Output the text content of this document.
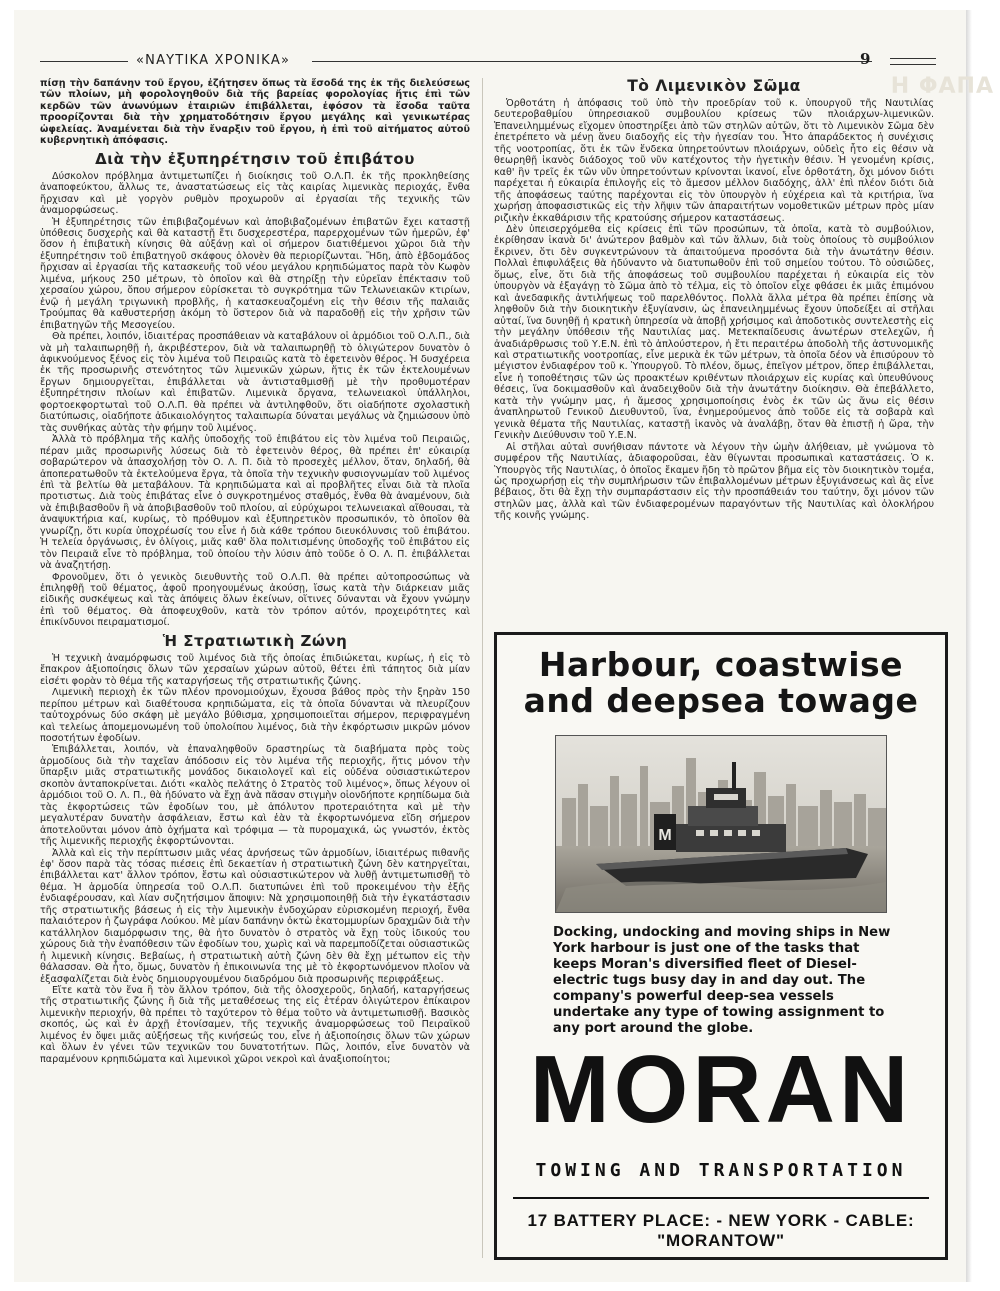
«ΝΑΥΤΙΚΑ ΧΡΟΝΙΚΑ»	9
Η ΦΑΠΑ

πίσῃ τὴν δαπάνην τοῦ ἔργου, ἐζήτησεν ὅπως τὰ ἔσοδά της ἐκ τῆς διελεύσεως τῶν πλοίων, μὴ φορολογηθοῦν διὰ τῆς βαρείας φορολογίας ἥτις ἐπὶ τῶν κερδῶν τῶν ἀνωνύμων ἑταιριῶν ἐπιβάλλεται, ἐφόσον τὰ ἔσοδα ταῦτα προορίζονται διὰ τὴν χρηματοδότησιν ἔργου μεγάλης καὶ γενικωτέρας ὠφελείας. Ἀναμένεται διὰ τὴν ἔναρξιν τοῦ ἔργου, ἡ ἐπὶ τοῦ αἰτήματος αὐτοῦ κυβερνητικὴ ἀπόφασις.

Διὰ τὴν ἐξυπηρέτησιν τοῦ ἐπιβάτου

Δύσκολον πρόβλημα ἀντιμετωπίζει ἡ διοίκησις τοῦ Ο.Λ.Π. ἐκ τῆς προκληθείσης ἀναποφεύκτου, ἄλλως τε, ἀναστατώσεως εἰς τὰς καιρίας λιμενικὰς περιοχάς, ἔνθα ἤρχισαν καὶ μὲ γοργὸν ρυθμὸν προχωροῦν αἱ ἐργασίαι τῆς τεχνικῆς τῶν ἀναμορφώσεως.

Ἡ ἐξυπηρέτησις τῶν ἐπιβιβαζομένων καὶ ἀποβιβαζομένων ἐπιβατῶν ἔχει καταστῇ ὑπόθεσις δυσχερὴς καὶ θὰ καταστῇ ἔτι δυσχερεστέρα, παρερχομένων τῶν ἡμερῶν, ἐφ' ὅσον ἡ ἐπιβατικὴ κίνησις θὰ αὐξάνῃ καὶ οἱ σήμερον διατιθέμενοι χῶροι διὰ τὴν ἐξυπηρέτησιν τοῦ ἐπιβατηγοῦ σκάφους ὁλονὲν θὰ περιορίζωνται. Ἤδη, ἀπὸ ἑβδομάδος ἤρχισαν αἱ ἐργασίαι τῆς κατασκευῆς τοῦ νέου μεγάλου κρηπιδώματος παρὰ τὸν Κωφὸν λιμένα, μήκους 250 μέτρων, τὸ ὁποῖον καὶ θὰ στηρίξῃ τὴν εὐρεῖαν ἐπέκτασιν τοῦ χερσαίου χώρου, ὅπου σήμερον εὑρίσκεται τὸ συγκρότημα τῶν Τελωνειακῶν κτιρίων, ἐνῷ ἡ μεγάλη τριγωνικὴ προβλῆς, ἡ κατασκευαζομένη εἰς τὴν θέσιν τῆς παλαιᾶς Τρούμπας θὰ καθυστερήσῃ ἀκόμη τὸ ὕστερον διὰ νὰ παραδοθῇ εἰς τὴν χρῆσιν τῶν ἐπιβατηγῶν τῆς Μεσογείου.

Θὰ πρέπει, λοιπόν, ἰδιαιτέρας προσπάθειαν νὰ καταβάλουν οἱ ἁρμόδιοι τοῦ Ο.Λ.Π., διὰ νὰ μὴ ταλαιπωρηθῇ ἡ, ἀκριβέστερον, διὰ νὰ ταλαιπωρηθῇ τὸ ὀλιγώτερον δυνατὸν ὁ ἀφικνούμενος ξένος εἰς τὸν λιμένα τοῦ Πειραιῶς κατὰ τὸ ἐφετεινὸν θέρος. Ἡ δυσχέρεια ἐκ τῆς προσωρινῆς στενότητος τῶν λιμενικῶν χώρων, ἥτις ἐκ τῶν ἐκτελουμένων ἔργων δημιουργεῖται, ἐπιβάλλεται νὰ ἀντισταθμισθῇ μὲ τὴν προθυμοτέραν ἐξυπηρέτησιν πλοίων καὶ ἐπιβατῶν. Λιμενικὰ ὄργανα, τελωνειακοὶ ὑπάλληλοι, φορτοεκφορτωταὶ τοῦ Ο.Λ.Π. θὰ πρέπει νὰ ἀντιληφθοῦν, ὅτι οἱαδήποτε σχολαστικὴ διατύπωσις, οἱαδήποτε ἀδικαιολόγητος ταλαιπωρία δύναται μεγάλως νὰ ζημιώσουν ὑπὸ τὰς συνθήκας αὐτὰς τὴν φήμην τοῦ λιμένος.

Ἀλλὰ τὸ πρόβλημα τῆς καλῆς ὑποδοχῆς τοῦ ἐπιβάτου εἰς τὸν λιμένα τοῦ Πειραιῶς, πέραν μιᾶς προσωρινῆς λύσεως διὰ τὸ ἐφετεινὸν θέρος, θὰ πρέπει ἐπ' εὐκαιρίᾳ σοβαρώτερον νὰ ἀπασχολήσῃ τὸν Ο. Λ. Π. διὰ τὸ προσεχὲς μέλλον, ὅταν, δηλαδή, θὰ ἀποπερατωθοῦν τὰ ἐκτελούμενα ἔργα, τὰ ὁποῖα τὴν τεχνικὴν φυσιογνωμίαν τοῦ λιμένος ἐπὶ τὰ βελτίω θὰ μεταβάλουν. Τὰ κρηπιδώματα καὶ αἱ προβλῆτες εἶναι διὰ τὰ πλοῖα προτιστως. Διὰ τοὺς ἐπιβάτας εἶνε ὁ συγκροτημένος σταθμός, ἔνθα θὰ ἀναμένουν, διὰ νὰ ἐπιβιβασθοῦν ἢ νὰ ἀποβιβασθοῦν τοῦ πλοίου, αἱ εὐρύχωροι τελωνειακαὶ αἴθουσαι, τὰ ἀναψυκτήρια καί, κυρίως, τὸ πρόθυμον καὶ ἐξυπηρετικὸν προσωπικόν, τὸ ὁποῖον θὰ γνωρίζῃ, ὅτι κυρία ὑποχρέωσίς του εἶνε ἡ διὰ κάθε τρόπου διευκόλυνσις τοῦ ἐπιβάτου. Ἡ τελεία ὀργάνωσις, ἐν ὀλίγοις, μιᾶς καθ' ὅλα πολιτισμένης ὑποδοχῆς τοῦ ἐπιβάτου εἰς τὸν Πειραιᾶ εἶνε τὸ πρόβλημα, τοῦ ὁποίου τὴν λύσιν ἀπὸ τοῦδε ὁ Ο. Λ. Π. ἐπιβάλλεται νὰ ἀναζητήσῃ.

Φρονοῦμεν, ὅτι ὁ γενικὸς διευθυντὴς τοῦ Ο.Λ.Π. θὰ πρέπει αὐτοπροσώπως νὰ ἐπιληφθῇ τοῦ θέματος, ἀφοῦ προηγουμένως ἀκούσῃ, ἴσως κατὰ τὴν διάρκειαν μιᾶς εἰδικῆς συσκέψεως καὶ τὰς ἀπόψεις ὅλων ἐκείνων, οἵτινες δύνανται νὰ ἔχουν γνώμην ἐπὶ τοῦ θέματος. Θὰ ἀποφευχθοῦν, κατὰ τὸν τρόπον αὐτόν, προχειρότητες καὶ ἐπικίνδυνοι πειραματισμοί.

Ἡ Στρατιωτικὴ Ζώνη

Ἡ τεχνικὴ ἀναμόρφωσις τοῦ λιμένος διὰ τῆς ὁποίας ἐπιδιώκεται, κυρίως, ἡ εἰς τὸ ἔπακρον ἀξιοποίησις ὅλων τῶν χερσαίων χώρων αὐτοῦ, θέτει ἐπὶ τάπητος διὰ μίαν εἰσέτι φορὰν τὸ θέμα τῆς καταργήσεως τῆς στρατιωτικῆς ζώνης.

Λιμενικὴ περιοχὴ ἐκ τῶν πλέον προνομιούχων, ἔχουσα βάθος πρὸς τὴν ξηρὰν 150 περίπου μέτρων καὶ διαθέτουσα κρηπιδώματα, εἰς τὰ ὁποῖα δύνανται νὰ πλευρίζουν ταὐτοχρόνως δύο σκάφη μὲ μεγάλο βύθισμα, χρησιμοποιεῖται σήμερον, περιφραγμένη καὶ τελείως ἀπομεμονωμένη τοῦ ὑπολοίπου λιμένος, διὰ τὴν ἐκφόρτωσιν μικρῶν μόνον ποσοτήτων ἐφοδίων.

Ἐπιβάλλεται, λοιπόν, νὰ ἐπαναληφθοῦν δραστηρίως τὰ διαβήματα πρὸς τοὺς ἁρμοδίους διὰ τὴν ταχεῖαν ἀπόδοσιν εἰς τὸν λιμένα τῆς περιοχῆς, ἥτις μόνον τὴν ὕπαρξιν μιᾶς στρατιωτικῆς μονάδος δικαιολογεῖ καὶ εἰς οὐδένα οὐσιαστικώτερον σκοπὸν ἀνταποκρίνεται. Διότι «καλὸς πελάτης ὁ Στρατὸς τοῦ λιμένος», ὅπως λέγουν οἱ ἁρμόδιοι τοῦ Ο. Λ. Π., θὰ ἠδύνατο νὰ ἔχῃ ἀνὰ πᾶσαν στιγμὴν οἱονδήποτε κρηπίδωμα διὰ τὰς ἐκφορτώσεις τῶν ἐφοδίων του, μὲ ἀπόλυτον προτεραιότητα καὶ μὲ τὴν μεγαλυτέραν δυνατὴν ἀσφάλειαν, ἔστω καὶ ἐὰν τὰ ἐκφορτωνόμενα εἴδη σήμερον ἀποτελοῦνται μόνον ἀπὸ ὀχήματα καὶ τρόφιμα — τὰ πυρομαχικά, ὡς γνωστόν, ἐκτὸς τῆς λιμενικῆς περιοχῆς ἐκφορτώνονται.

Ἀλλὰ καὶ εἰς τὴν περίπτωσιν μιᾶς νέας ἀρνήσεως τῶν ἁρμοδίων, ἰδιαιτέρως πιθανῆς ἐφ' ὅσον παρὰ τὰς τόσας πιέσεις ἐπὶ δεκαετίαν ἡ στρατιωτικὴ ζώνη δὲν κατηργεῖται, ἐπιβάλλεται κατ' ἄλλον τρόπον, ἔστω καὶ οὐσιαστικώτερον νὰ λυθῇ ἀντιμετωπισθῇ τὸ θέμα. Ἡ ἁρμοδία ὑπηρεσία τοῦ Ο.Λ.Π. διατυπώνει ἐπὶ τοῦ προκειμένου τὴν ἑξῆς ἐνδιαφέρουσαν, καὶ λίαν συζητήσιμον ἄποψιν: Νὰ χρησιμοποιηθῇ διὰ τὴν ἐγκατάστασιν τῆς στρατιωτικῆς βάσεως ἡ εἰς τὴν λιμενικὴν ἐνδοχώραν εὑρισκομένη περιοχή, ἔνθα παλαιότερον ἡ ζωγράφα Λούκου. Μὲ μίαν δαπάνην ὀκτὼ ἑκατομμυρίων δραχμῶν διὰ τὴν κατάλληλον διαμόρφωσιν της, θὰ ἠτο δυνατὸν ὁ στρατὸς νὰ ἔχῃ τοὺς ἰδικούς του χώρους διὰ τὴν ἐναπόθεσιν τῶν ἐφοδίων του, χωρὶς καὶ νὰ παρεμποδίζεται οὐσιαστικῶς ἡ λιμενικὴ κίνησις. Βεβαίως, ἡ στρατιωτικὴ αὐτὴ ζώνη δὲν θὰ ἔχῃ μέτωπον εἰς τὴν θάλασσαν. Θὰ ἦτο, ὅμως, δυνατὸν ἡ ἐπικοινωνία της μὲ τὸ ἐκφορτωνόμενον πλοῖον νὰ ἐξασφαλίζεται διὰ ἑνὸς δημιουργουμένου διαδρόμου διὰ προσωρινῆς περιφράξεως.

Εἴτε κατὰ τὸν ἕνα ἢ τὸν ἄλλον τρόπον, διὰ τῆς ὁλοσχεροῦς, δηλαδή, καταργήσεως τῆς στρατιωτικῆς ζώνης ἢ διὰ τῆς μεταθέσεως της εἰς ἑτέραν ὀλιγώτερον ἐπίκαιρον λιμενικὴν περιοχήν, θὰ πρέπει τὸ ταχύτερον τὸ θέμα τοῦτο νὰ ἀντιμετωπισθῇ. Βασικὸς σκοπός, ὡς καὶ ἐν ἀρχῇ ἐτονίσαμεν, τῆς τεχνικῆς ἀναμορφώσεως τοῦ Πειραϊκοῦ λιμένος ἐν ὄψει μιᾶς αὐξήσεως τῆς κινήσεώς του, εἶνε ἡ ἀξιοποίησις ὅλων τῶν χώρων καὶ ὅλων ἐν γένει τῶν τεχνικῶν του δυνατοτήτων. Πῶς, λοιπόν, εἶνε δυνατὸν νὰ παραμένουν κρηπιδώματα καὶ λιμενικοὶ χῶροι νεκροὶ καὶ ἀναξιοποίητοι;

Τὸ Λιμενικὸν Σῶμα

Ὀρθοτάτη ἡ ἀπόφασις τοῦ ὑπὸ τὴν προεδρίαν τοῦ κ. ὑπουργοῦ τῆς Ναυτιλίας δευτεροβαθμίου ὑπηρεσιακοῦ συμβουλίου κρίσεως τῶν πλοιάρχων-λιμενικῶν. Ἐπανειλημμένως εἴχομεν ὑποστηρίξει ἀπὸ τῶν στηλῶν αὐτῶν, ὅτι τὸ Λιμενικὸν Σῶμα δὲν ἐπετρέπετο νὰ μένῃ ἄνευ διαδοχῆς εἰς τὴν ἡγεσίαν του. Ἦτο ἀπαράδεκτος ἡ συνέχισις τῆς νοοτροπίας, ὅτι ἐκ τῶν ἕνδεκα ὑπηρετούντων πλοιάρχων, οὐδεὶς ἦτο εἰς θέσιν νὰ θεωρηθῇ ἱκανὸς διάδοχος τοῦ νῦν κατέχοντος τὴν ἡγετικὴν θέσιν. Ἡ γενομένη κρίσις, καθ' ἣν τρεῖς ἐκ τῶν νῦν ὑπηρετούντων κρίνονται ἱκανοί, εἶνε ὀρθοτάτη, ὄχι μόνον διότι παρέχεται ἡ εὐκαιρία ἐπιλογῆς εἰς τὸ ἄμεσον μέλλον διαδόχης, ἀλλ' ἐπὶ πλέον διότι διὰ τῆς ἀποφάσεως ταύτης παρέχονται εἰς τὸν ὑπουργὸν ἡ εὐχέρεια καὶ τὰ κριτήρια, ἵνα χωρήσῃ ἀποφασιστικῶς εἰς τὴν λῆψιν τῶν ἀπαραιτήτων νομοθετικῶν μέτρων πρὸς μίαν ριζικὴν ἐκκαθάρισιν τῆς κρατούσης σήμερον καταστάσεως.

Δὲν ὑπεισερχόμεθα εἰς κρίσεις ἐπὶ τῶν προσώπων, τὰ ὁποῖα, κατὰ τὸ συμβούλιον, ἐκρίθησαν ἱκανὰ δι' ἀνώτερον βαθμὸν καὶ τῶν ἄλλων, διὰ τοὺς ὁποίους τὸ συμβούλιον ἔκρινεν, ὅτι δὲν συγκεντρώνουν τὰ ἀπαιτούμενα προσόντα διὰ τὴν ἀνωτάτην θέσιν. Πολλαὶ ἐπιφυλάξεις θὰ ἠδύναντο νὰ διατυπωθοῦν ἐπὶ τοῦ σημείου τούτου. Τὸ οὐσιῶδες, ὅμως, εἶνε, ὅτι διὰ τῆς ἀποφάσεως τοῦ συμβουλίου παρέχεται ἡ εὐκαιρία εἰς τὸν ὑπουργὸν νὰ ἐξαγάγῃ τὸ Σῶμα ἀπὸ τὸ τέλμα, εἰς τὸ ὁποῖον εἶχε φθάσει ἐκ μιᾶς ἐπιμόνου καὶ ἀνεδαφικῆς ἀντιλήψεως τοῦ παρελθόντος. Πολλὰ ἄλλα μέτρα θὰ πρέπει ἐπίσης νὰ ληφθοῦν διὰ τὴν διοικητικὴν ἐξυγίανσιν, ὡς ἐπανειλημμένως ἔχουν ὑποδείξει αἱ στῆλαι αὐταί, ἵνα δυνηθῇ ἡ κρατικὴ ὑπηρεσία νὰ ἀποβῇ χρήσιμος καὶ ἀποδοτικὸς συντελεστὴς εἰς τὴν μεγάλην ὑπόθεσιν τῆς Ναυτιλίας μας. Μετεκπαίδευσις ἀνωτέρων στελεχῶν, ἡ ἀναδιάρθρωσις τοῦ Υ.Ε.Ν. ἐπὶ τὸ ἁπλούστερον, ἡ ἔτι περαιτέρω ἀποδολὴ τῆς ἀστυνομικῆς καὶ στρατιωτικῆς νοοτροπίας, εἶνε μερικὰ ἐκ τῶν μέτρων, τὰ ὁποῖα δέον νὰ ἐπισύρουν τὸ μέγιστον ἐνδιαφέρον τοῦ κ. Ὑπουργοῦ. Τὸ πλέον, ὅμως, ἐπεῖγον μέτρον, ὅπερ ἐπιβάλλεται, εἶνε ἡ τοποθέτησις τῶν ὡς προακτέων κριθέντων πλοιάρχων εἰς κυρίας καὶ ὑπευθύνους θέσεις, ἵνα δοκιμασθοῦν καὶ ἀναδειχθοῦν διὰ τὴν ἀνωτάτην διοίκησιν. Θὰ ἐπεβάλλετο, κατὰ τὴν γνώμην μας, ἡ ἄμεσος χρησιμοποίησις ἑνὸς ἐκ τῶν ὡς ἄνω εἰς θέσιν ἀναπληρωτοῦ Γενικοῦ Διευθυντοῦ, ἵνα, ἐνημερούμενος ἀπὸ τοῦδε εἰς τὰ σοβαρὰ καὶ γενικὰ θέματα τῆς Ναυτιλίας, καταστῇ ἱκανὸς νὰ ἀναλάβῃ, ὅταν θὰ ἐπιστῇ ἡ ὥρα, τὴν Γενικὴν Διεύθυνσιν τοῦ Υ.Ε.Ν.

Αἱ στῆλαι αὐταὶ συνήθισαν πάντοτε νὰ λέγουν τὴν ὠμὴν ἀλήθειαν, μὲ γνώμονα τὸ συμφέρον τῆς Ναυτιλίας, ἀδιαφοροῦσαι, ἐὰν θίγωνται προσωπικαὶ καταστάσεις. Ὁ κ. Ὑπουργὸς τῆς Ναυτιλίας, ὁ ὁποῖος ἔκαμεν ἤδη τὸ πρῶτον βῆμα εἰς τὸν διοικητικὸν τομέα, ὡς προχωρήσῃ εἰς τὴν συμπλήρωσιν τῶν ἐπιβαλλομένων μέτρων ἐξυγιάνσεως καὶ ἂς εἶνε βέβαιος, ὅτι θὰ ἔχῃ τὴν συμπαράστασιν εἰς τὴν προσπάθειάν του ταύτην, ὄχι μόνον τῶν στηλῶν μας, ἀλλὰ καὶ τῶν ἐνδιαφερομένων παραγόντων τῆς Ναυτιλίας καὶ ὁλοκλήρου τῆς κοινῆς γνώμης.

Harbour, coastwise
and deepsea towage
M
Docking, undocking and moving ships in New York harbour is just one of the tasks that keeps Moran's diversified fleet of Diesel-electric tugs busy day in and day out. The company's powerful deep-sea vessels undertake any type of towing assignment to any port around the globe.
MORAN
TOWING AND TRANSPORTATION
17 BATTERY PLACE: - NEW YORK - CABLE: "MORANTOW"
